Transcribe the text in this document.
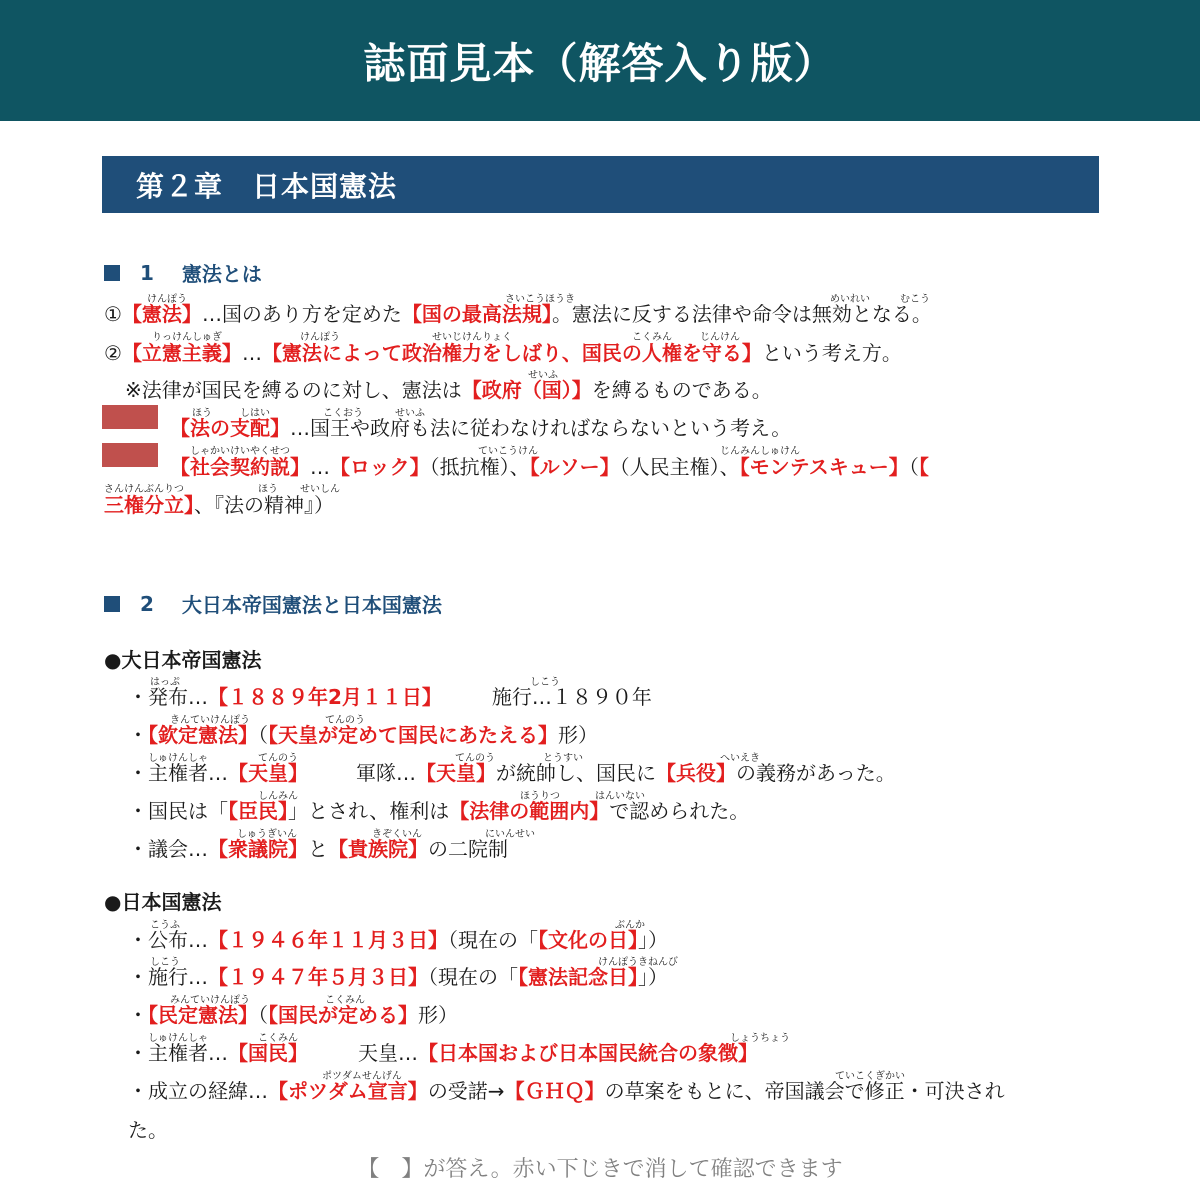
誌面見本（解答入り版）
第２章　日本国憲法
1 憲法とは
①【憲法】…国のあり方を定めた【国の最高法規】。憲法に反する法律や命令は無効となる。
けんぽう	さいこうほうき	めいれい	むこう
②【立憲主義】…【憲法によって政治権力をしばり、国民の人権を守る】という考え方。
りっけんしゅぎ	けんぽう	せいじけんりょく	こくみん	じんけん
※法律が国民を縛るのに対し、憲法は【政府（国）】を縛るものである。
せいふ
【法の支配】…国王や政府も法に従わなければならないという考え。
ほう	しはい	こくおう	せいふ
【社会契約説】…【ロック】（抵抗権）、【ルソー】（人民主権）、【モンテスキュー】（【
しゃかいけいやくせつ	ていこうけん	じんみんしゅけん
三権分立】、『法の精神』）
さんけんぶんりつ	ほう せいしん
2 大日本帝国憲法と日本国憲法
●大日本帝国憲法
・発布…【１８８９年2月１１日】	施行…１８９０年
はっぷ	しこう
・【欽定憲法】（【天皇が定めて国民にあたえる】形）
きんていけんぽう	てんのう
・主権者…【天皇】 軍隊…【天皇】が統帥し、国民に【兵役】の義務があった。
しゅけんしゃ	てんのう	てんのう	とうすい	へいえき
・国民は「【臣民】」とされ、権利は【法律の範囲内】で認められた。
しんみん	ほうりつ	はんいない
・議会…【衆議院】と【貴族院】の二院制
しゅうぎいん	きぞくいん	にいんせい
●日本国憲法
・公布…【１９４６年１１月３日】（現在の「【文化の日】」）
こうふ	ぶんか
・施行…【１９４７年５月３日】（現在の「【憲法記念日】」）
しこう	けんぽうきねんび
・【民定憲法】（【国民が定める】形）
みんていけんぽう	こくみん
・主権者…【国民】	天皇…【日本国および日本国民統合の象徴】
しゅけんしゃ	こくみん	しょうちょう
・成立の経緯…【ポツダム宣言】の受諾→【ＧＨＱ】の草案をもとに、帝国議会で修正・可決され
ポツダムせんげん	ていこくぎかい
た。
【　】が答え。赤い下じきで消して確認できます
